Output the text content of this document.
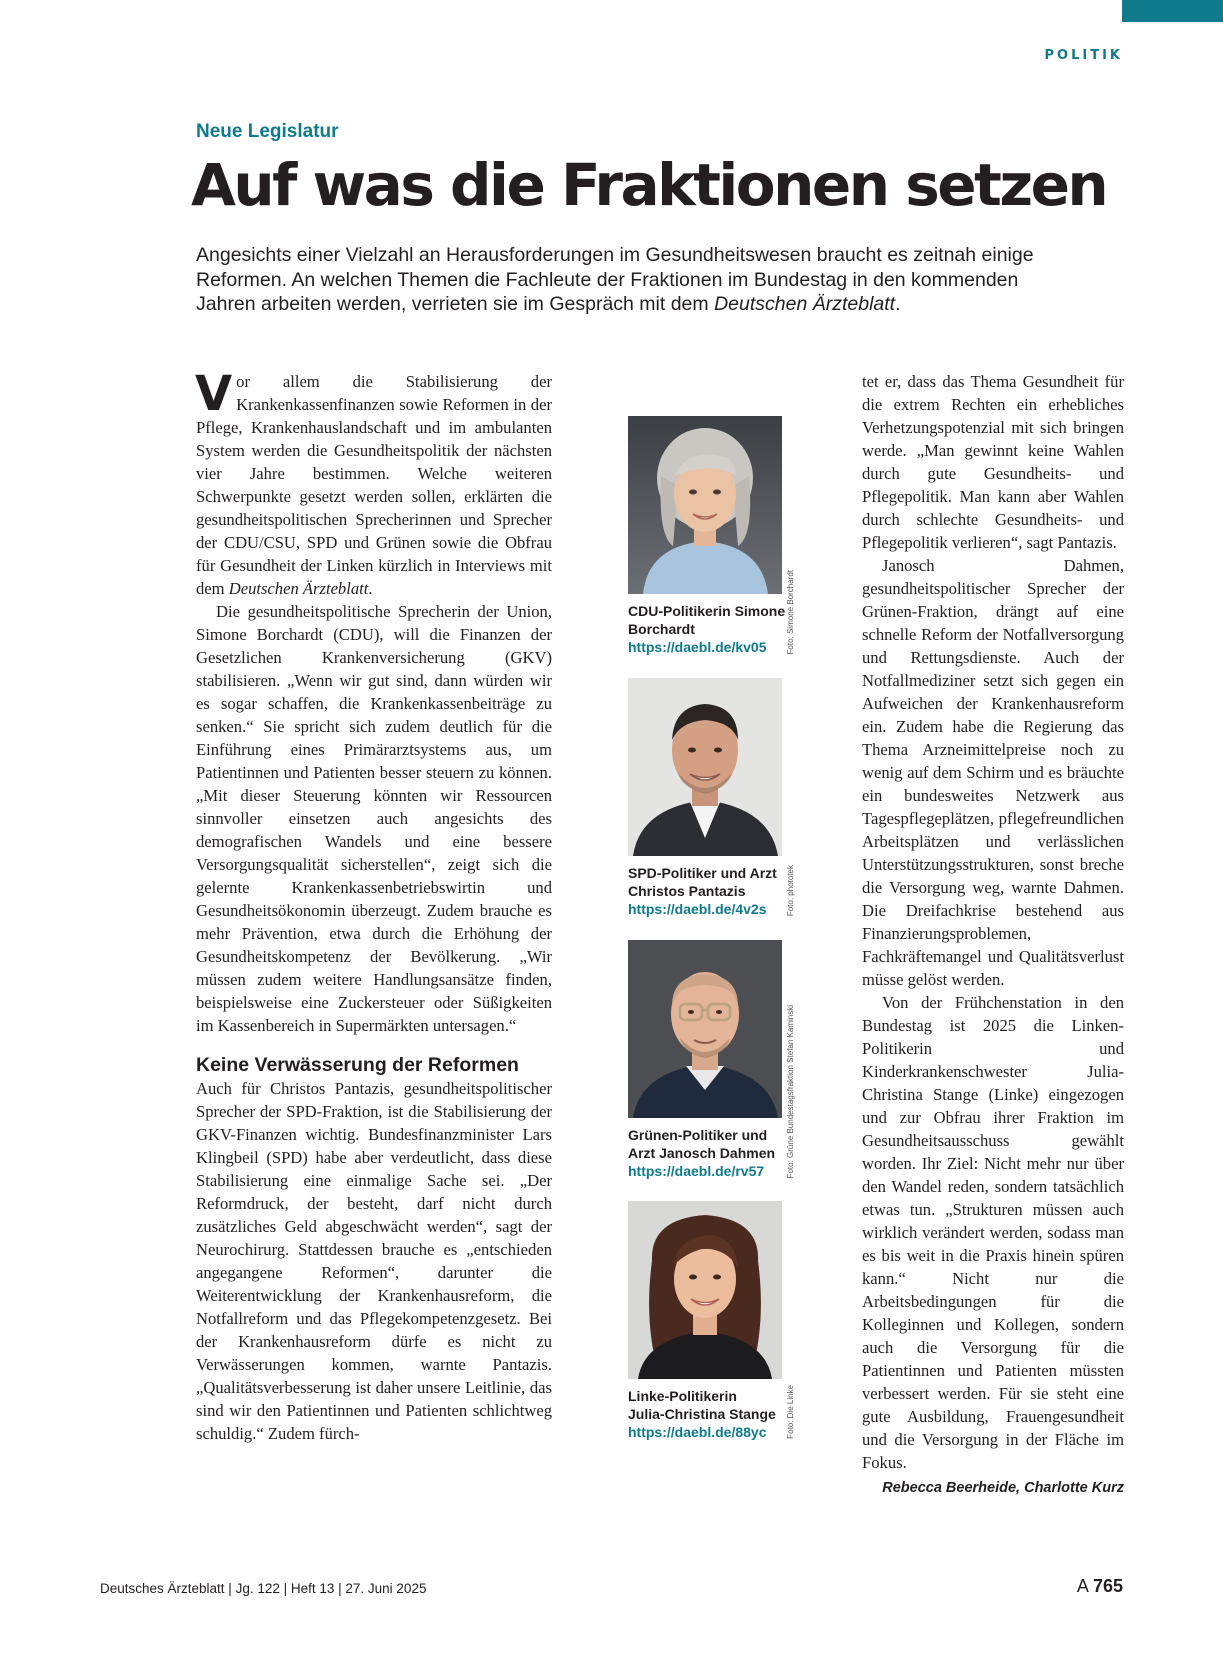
POLITIK
Neue Legislatur
Auf was die Fraktionen setzen

Angesichts einer Vielzahl an Herausforderungen im Gesundheitswesen braucht es zeitnah einige Reformen. An welchen Themen die Fachleute der Fraktionen im Bundestag in den kommenden Jahren arbeiten werden, verrieten sie im Gespräch mit dem Deutschen Ärzteblatt.

Vor allem die Stabilisierung der Krankenkassenfinanzen sowie Reformen in der Pflege, Krankenhauslandschaft und im ambulanten System werden die Gesundheitspolitik der nächsten vier Jahre bestimmen. Welche weiteren Schwerpunkte gesetzt werden sollen, erklärten die gesundheitspolitischen Sprecherinnen und Sprecher der CDU/CSU, SPD und Grünen sowie die Obfrau für Gesundheit der Linken kürzlich in Interviews mit dem Deutschen Ärzteblatt.

Die gesundheitspolitische Sprecherin der Union, Simone Borchardt (CDU), will die Finanzen der Gesetzlichen Krankenversicherung (GKV) stabilisieren. „Wenn wir gut sind, dann würden wir es sogar schaffen, die Krankenkassenbeiträge zu senken.“ Sie spricht sich zudem deutlich für die Einführung eines Primärarztsystems aus, um Patientinnen und Patienten besser steuern zu können. „Mit dieser Steuerung könnten wir Ressourcen sinnvoller einsetzen auch angesichts des demografischen Wandels und eine bessere Versorgungsqualität sicherstellen“, zeigt sich die gelernte Krankenkassenbetriebswirtin und Gesundheitsökonomin überzeugt. Zudem brauche es mehr Prävention, etwa durch die Erhöhung der Gesundheitskompetenz der Bevölkerung. „Wir müssen zudem weitere Handlungsansätze finden, beispielsweise eine Zuckersteuer oder Süßigkeiten im Kassenbereich in Supermärkten untersagen.“

Keine Verwässerung der Reformen

Auch für Christos Pantazis, gesundheitspolitischer Sprecher der SPD-Fraktion, ist die Stabilisierung der GKV-Finanzen wichtig. Bundesfinanzminister Lars Klingbeil (SPD) habe aber verdeutlicht, dass diese Stabilisierung eine einmalige Sache sei. „Der Reformdruck, der besteht, darf nicht durch zusätzliches Geld abgeschwächt werden“, sagt der Neurochirurg. Stattdessen brauche es „entschieden angegangene Reformen“, darunter die Weiterentwicklung der Krankenhausreform, die Notfallreform und das Pflegekompetenzgesetz. Bei der Krankenhausreform dürfe es nicht zu Verwässerungen kommen, warnte Pantazis. „Qualitätsverbesserung ist daher unsere Leitlinie, das sind wir den Patientinnen und Patienten schlichtweg schuldig.“ Zudem fürch-

Foto: Simone Borchardt
CDU-Politikerin Simone
Borchardt
https://daebl.de/kv05
Foto: phototek
SPD-Politiker und Arzt
Christos Pantazis
https://daebl.de/4v2s
Foto: Grüne Bundestagsfraktion Stefan Kaminski
Grünen-Politiker und
Arzt Janosch Dahmen
https://daebl.de/rv57
Foto: Die Linke
Linke-Politikerin
Julia-Christina Stange
https://daebl.de/88yc

tet er, dass das Thema Gesundheit für die extrem Rechten ein erhebliches Verhetzungspotenzial mit sich bringen werde. „Man gewinnt keine Wahlen durch gute Gesundheits- und Pflegepolitik. Man kann aber Wahlen durch schlechte Gesundheits- und Pflegepolitik verlieren“, sagt Pantazis.

Janosch Dahmen, gesundheitspolitischer Sprecher der Grünen-Fraktion, drängt auf eine schnelle Reform der Notfallversorgung und Rettungsdienste. Auch der Notfallmediziner setzt sich gegen ein Aufweichen der Krankenhausreform ein. Zudem habe die Regierung das Thema Arzneimittelpreise noch zu wenig auf dem Schirm und es bräuchte ein bundesweites Netzwerk aus Tagespflegeplätzen, pflegefreundlichen Arbeitsplätzen und verlässlichen Unterstützungsstrukturen, sonst breche die Versorgung weg, warnte Dahmen. Die Dreifachkrise bestehend aus Finanzierungsproblemen, Fachkräftemangel und Qualitätsverlust müsse gelöst werden.

Von der Frühchenstation in den Bundestag ist 2025 die Linken-Politikerin und Kinderkrankenschwester Julia-Christina Stange (Linke) eingezogen und zur Obfrau ihrer Fraktion im Gesundheitsausschuss gewählt worden. Ihr Ziel: Nicht mehr nur über den Wandel reden, sondern tatsächlich etwas tun. „Strukturen müssen auch wirklich verändert werden, sodass man es bis weit in die Praxis hinein spüren kann.“ Nicht nur die Arbeitsbedingungen für die Kolleginnen und Kollegen, sondern auch die Versorgung für die Patientinnen und Patienten müssten verbessert werden. Für sie steht eine gute Ausbildung, Frauengesundheit und die Versorgung in der Fläche im Fokus.

Rebecca Beerheide, Charlotte Kurz
Deutsches Ärzteblatt | Jg. 122 | Heft 13 | 27. Juni 2025	A 765
